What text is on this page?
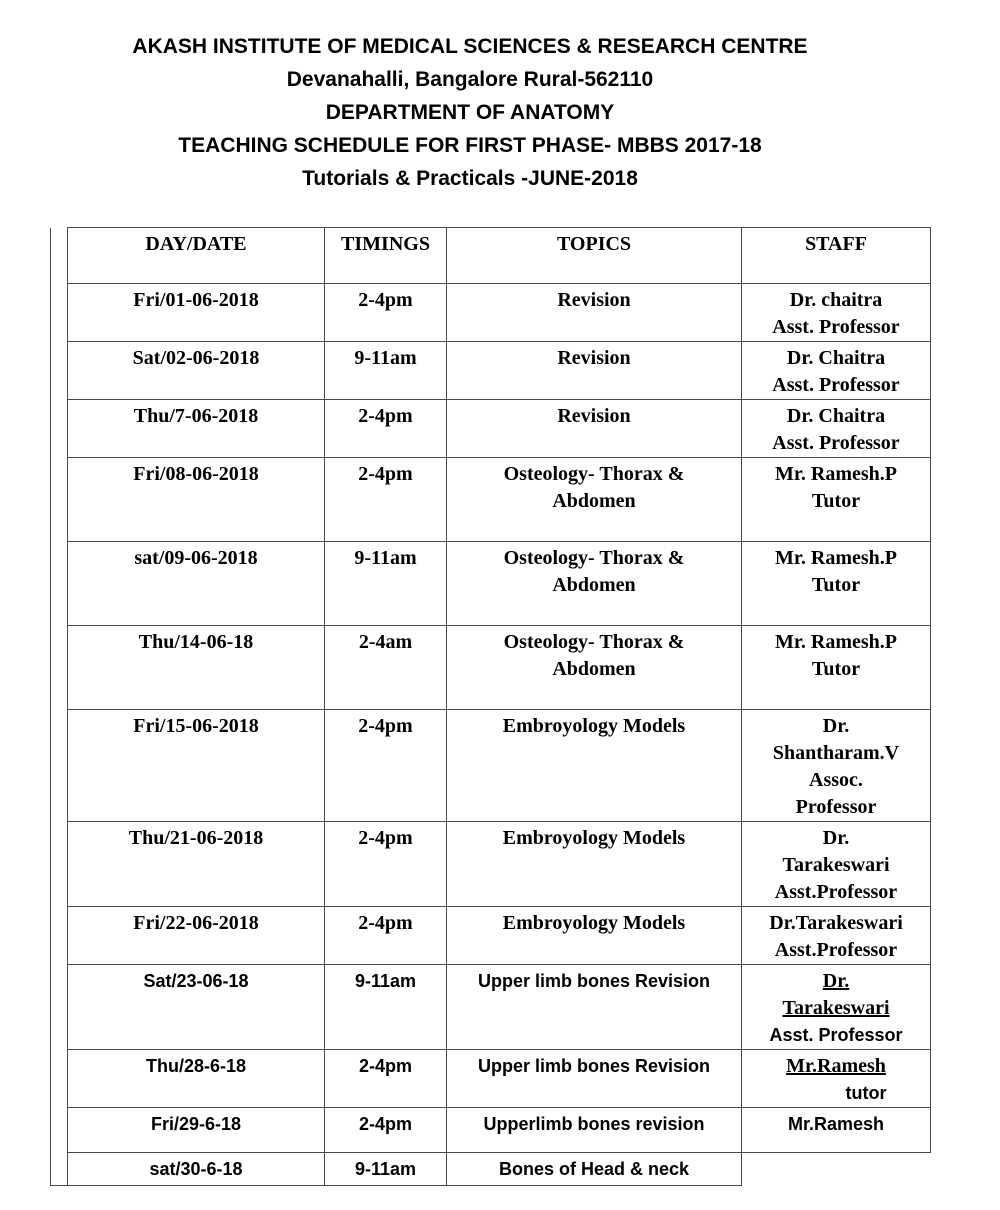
AKASH INSTITUTE OF MEDICAL SCIENCES & RESEARCH CENTRE
Devanahalli, Bangalore Rural-562110
DEPARTMENT OF ANATOMY
TEACHING SCHEDULE FOR FIRST PHASE- MBBS 2017-18
Tutorials & Practicals -JUNE-2018
	DAY/DATE	TIMINGS	TOPICS	STAFF
	Fri/01-06-2018	2-4pm	Revision	Dr. chaitra
Asst. Professor

	Sat/02-06-2018	9-11am	Revision	Dr. Chaitra
Asst. Professor

	Thu/7-06-2018	2-4pm	Revision	Dr. Chaitra
Asst. Professor

	Fri/08-06-2018	2-4pm	Osteology- Thorax &
Abdomen	Mr. Ramesh.P
Tutor

	sat/09-06-2018	9-11am	Osteology- Thorax &
Abdomen	Mr. Ramesh.P
Tutor

	Thu/14-06-18	2-4am	Osteology- Thorax &
Abdomen	Mr. Ramesh.P
Tutor

	Fri/15-06-2018	2-4pm	Embroyology Models	Dr.
Shantharam.V
Assoc.
Professor

	Thu/21-06-2018	2-4pm	Embroyology Models	Dr.
Tarakeswari
Asst.Professor

	Fri/22-06-2018	2-4pm	Embroyology Models	Dr.Tarakeswari
Asst.Professor

	Sat/23-06-18	9-11am	Upper limb bones Revision	Dr.
Tarakeswari
Asst. Professor

	Thu/28-6-18	2-4pm	Upper limb bones Revision	Mr.Ramesh
tutor

	Fri/29-6-18	2-4pm	Upperlimb bones revision	Mr.Ramesh

	sat/30-6-18	9-11am	Bones of Head & neck	
